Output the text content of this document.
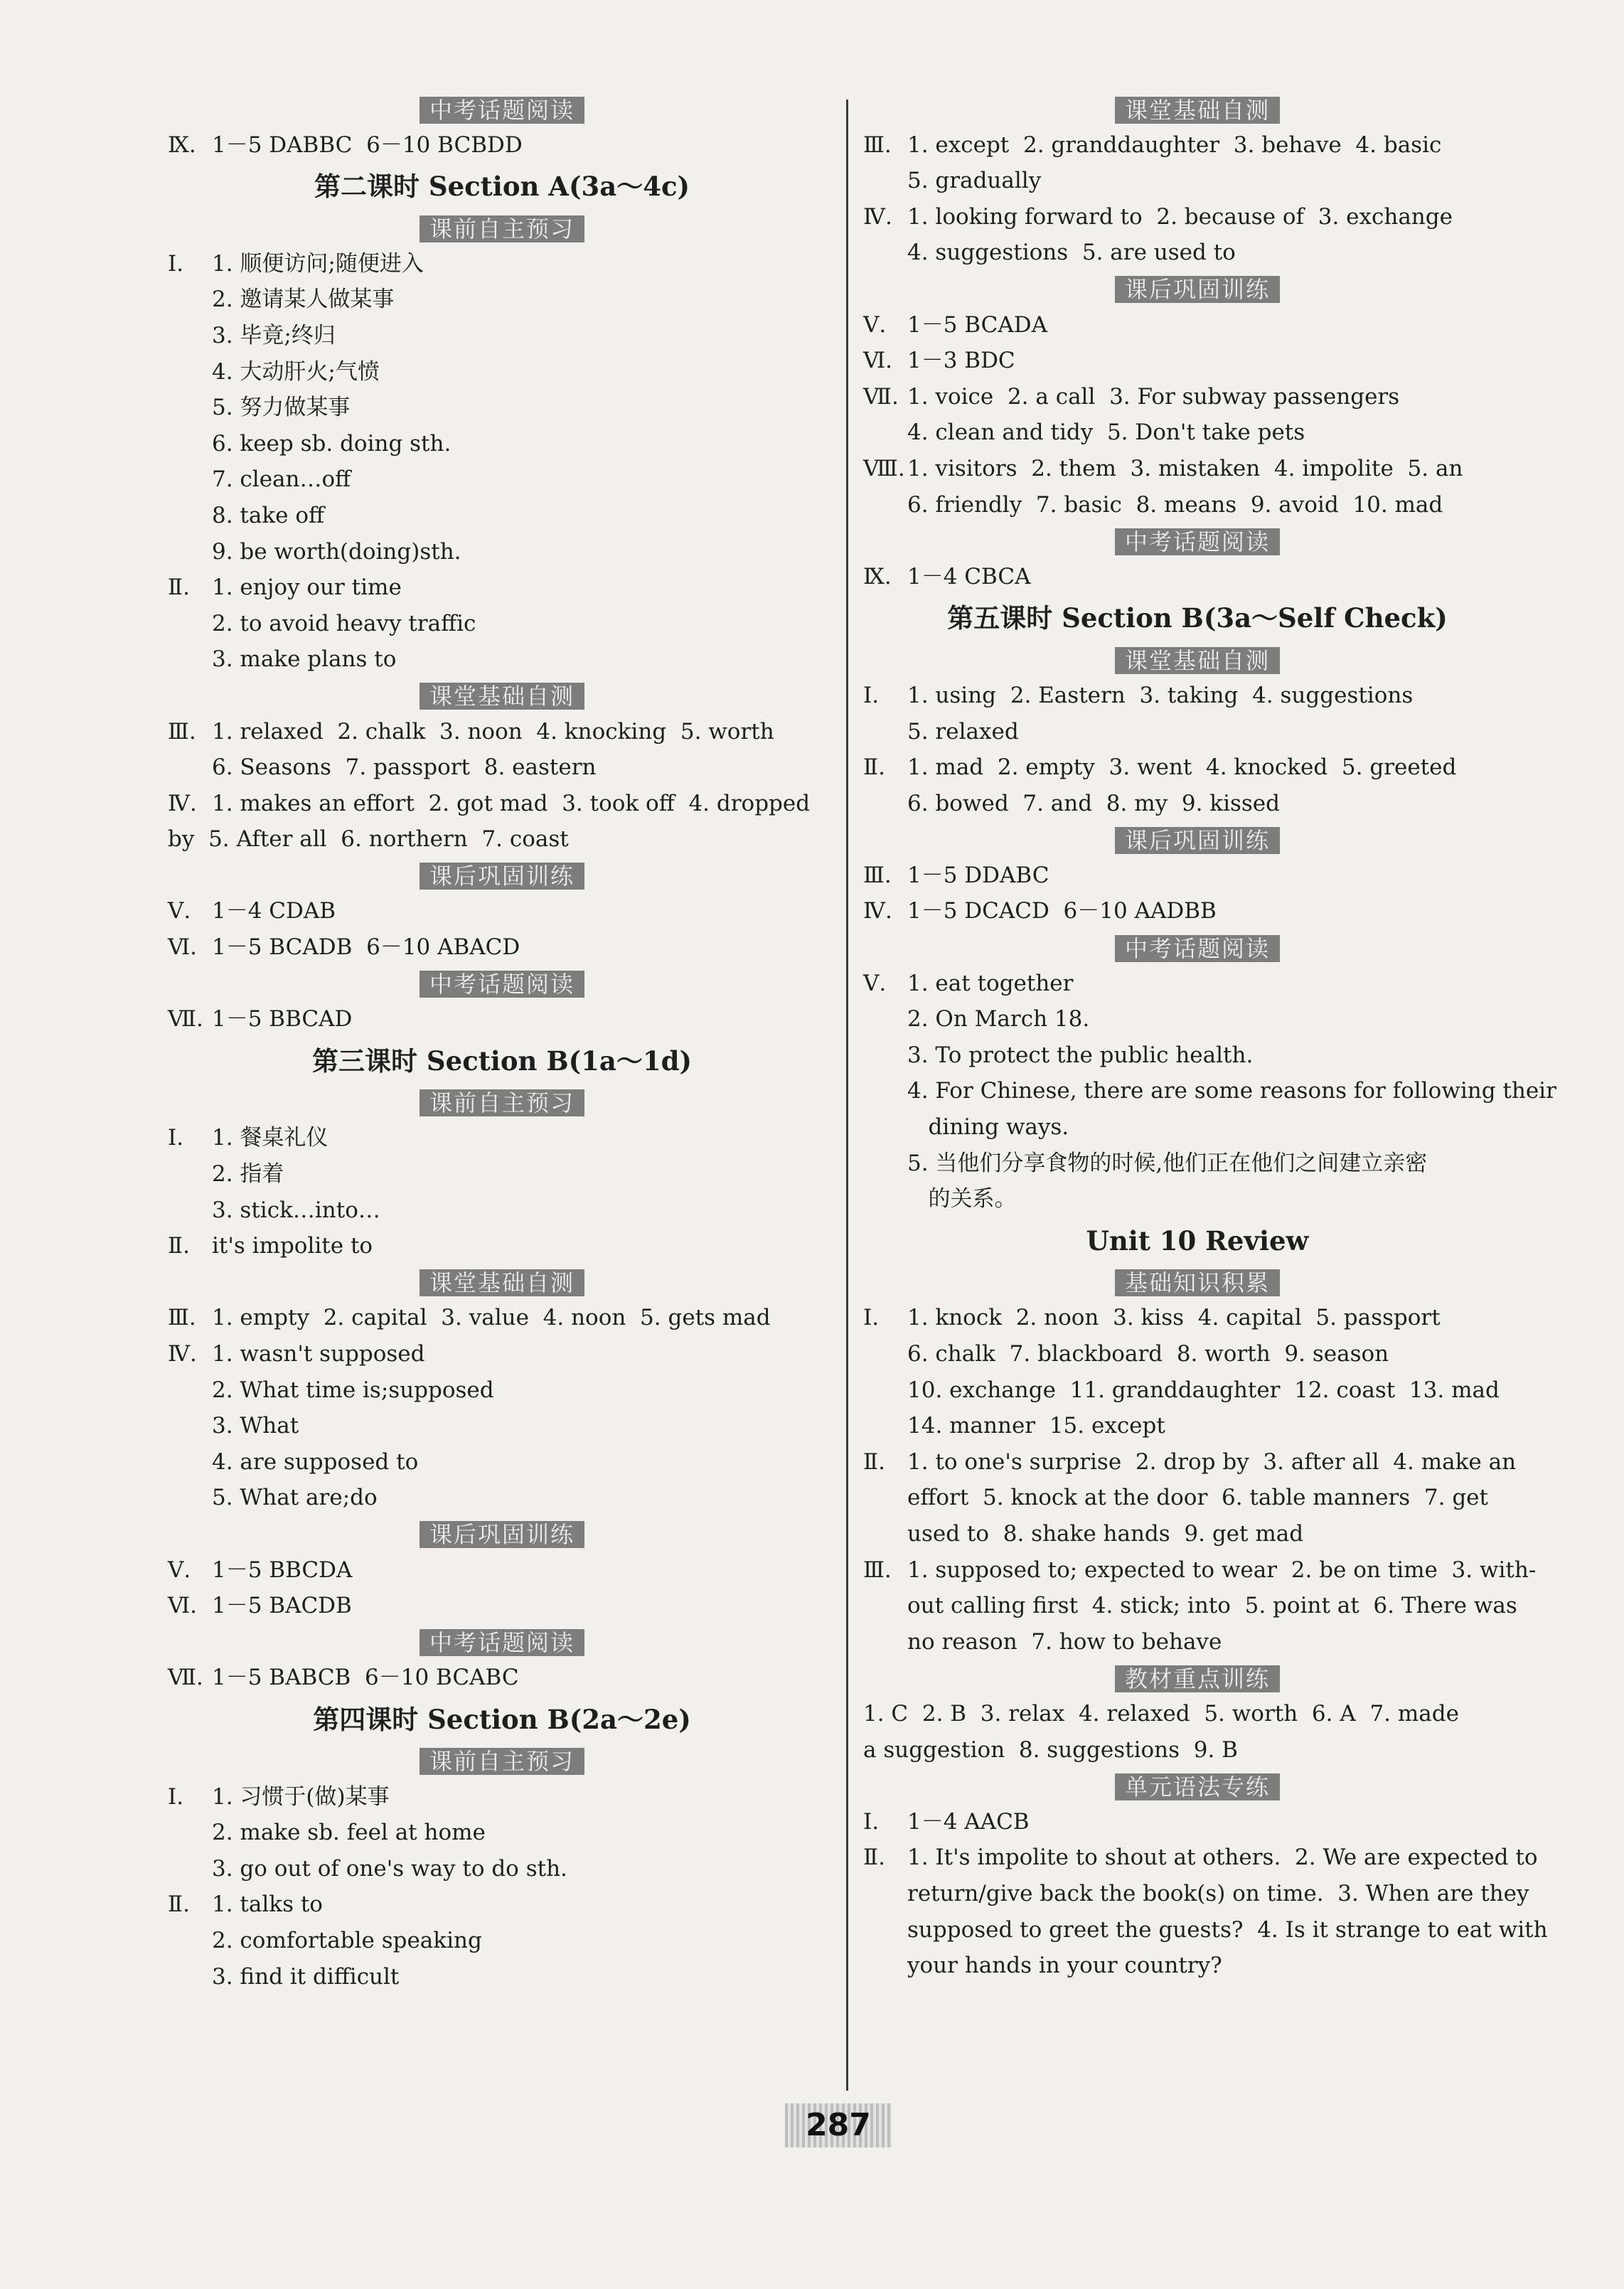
中考话题阅读
Ⅸ. 1－5 DABBC  6－10 BCBDD
第二课时 Section A(3a～4c)
课前自主预习
Ⅰ. 1. 顺便访问;随便进入
2. 邀请某人做某事
3. 毕竟;终归
4. 大动肝火;气愤
5. 努力做某事
6. keep sb. doing sth.
7. clean…off
8. take off
9. be worth(doing)sth.
Ⅱ. 1. enjoy our time
2. to avoid heavy traffic
3. make plans to
课堂基础自测
Ⅲ. 1. relaxed  2. chalk  3. noon  4. knocking  5. worth
6. Seasons  7. passport  8. eastern
Ⅳ. 1. makes an effort  2. got mad  3. took off  4. dropped
by  5. After all  6. northern  7. coast
课后巩固训练
Ⅴ. 1－4 CDAB
Ⅵ. 1－5 BCADB  6－10 ABACD
中考话题阅读
Ⅶ. 1－5 BBCAD
第三课时 Section B(1a～1d)
课前自主预习
Ⅰ. 1. 餐桌礼仪
2. 指着
3. stick…into…
Ⅱ. it's impolite to
课堂基础自测
Ⅲ. 1. empty  2. capital  3. value  4. noon  5. gets mad
Ⅳ. 1. wasn't supposed
2. What time is;supposed
3. What
4. are supposed to
5. What are;do
课后巩固训练
Ⅴ. 1－5 BBCDA
Ⅵ. 1－5 BACDB
中考话题阅读
Ⅶ. 1－5 BABCB  6－10 BCABC
第四课时 Section B(2a～2e)
课前自主预习
Ⅰ. 1. 习惯于(做)某事
2. make sb. feel at home
3. go out of one's way to do sth.
Ⅱ. 1. talks to
2. comfortable speaking
3. find it difficult
课堂基础自测
Ⅲ. 1. except  2. granddaughter  3. behave  4. basic
5. gradually
Ⅳ. 1. looking forward to  2. because of  3. exchange
4. suggestions  5. are used to
课后巩固训练
Ⅴ. 1－5 BCADA
Ⅵ. 1－3 BDC
Ⅶ. 1. voice  2. a call  3. For subway passengers
4. clean and tidy  5. Don't take pets
Ⅷ. 1. visitors  2. them  3. mistaken  4. impolite  5. an
6. friendly  7. basic  8. means  9. avoid  10. mad
中考话题阅读
Ⅸ. 1－4 CBCA
第五课时 Section B(3a～Self Check)
课堂基础自测
Ⅰ. 1. using  2. Eastern  3. taking  4. suggestions
5. relaxed
Ⅱ. 1. mad  2. empty  3. went  4. knocked  5. greeted
6. bowed  7. and  8. my  9. kissed
课后巩固训练
Ⅲ. 1－5 DDABC
Ⅳ. 1－5 DCACD  6－10 AADBB
中考话题阅读
Ⅴ. 1. eat together
2. On March 18.
3. To protect the public health.
4. For Chinese, there are some reasons for following their
dining ways.
5. 当他们分享食物的时候,他们正在他们之间建立亲密
的关系。
Unit 10 Review
基础知识积累
Ⅰ. 1. knock  2. noon  3. kiss  4. capital  5. passport
6. chalk  7. blackboard  8. worth  9. season
10. exchange  11. granddaughter  12. coast  13. mad
14. manner  15. except
Ⅱ. 1. to one's surprise  2. drop by  3. after all  4. make an
effort  5. knock at the door  6. table manners  7. get
used to  8. shake hands  9. get mad
Ⅲ. 1. supposed to; expected to wear  2. be on time  3. with-
out calling first  4. stick; into  5. point at  6. There was
no reason  7. how to behave
教材重点训练
1. C  2. B  3. relax  4. relaxed  5. worth  6. A  7. made
a suggestion  8. suggestions  9. B
单元语法专练
Ⅰ. 1－4 AACB
Ⅱ. 1. It's impolite to shout at others.  2. We are expected to
return/give back the book(s) on time.  3. When are they
supposed to greet the guests?  4. Is it strange to eat with
your hands in your country?
287
